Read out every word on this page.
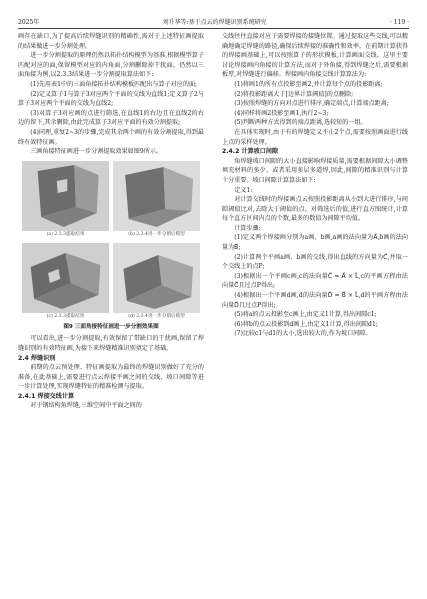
2025年	刘升华等:基于点云的焊缝识别系统研究	· 119 ·

画存在缺口,为了提高后续焊缝识别的精确性,需对于上述特征画提取的结果做进一步分割处理。

进一步分割提取的原理仍然以拓扑结构模型为基准,根据模型算子匹配对应的面,保留模型对应的内角面,分割删除掉干扰面。仍然以三面角接为例,以2.3.3结果进一步分割提取算法如下:

(1)先用表1中的三面角接拓扑结构模板匹配出与算子对应的面;

(2)定义算子1与算子3对应两个平面的交线为直线1;定义算子2与算子3对应两个平面的交线为直线2;

(3)对算子3对应画的点进行筛选,在直线1的右边且在直线2的右边的留下,其余删除,由此完成算子3对应平面的有效分割提取;

(4)同理,重复2~3的步骤,完成其余两个画的有效分割提取,得到最终有效特征画。

三画角接特征画进一步分割提取效果如图9所示。

(a) 2.3.3提取结果	(b) 2.3.4进一步分割后模型
(c) 2.3.3提取结果	(d) 2.3.4进一步分割后模型
图9 三面角接特征画进一步分割效果图

可以看出,进一步分割提取,有效保留了带缺口的干扰画,保留了焊缝识别的有效特征画,为接下来焊缝精准识别奠定了基础。

2.4 焊缝识别

前期的点云预处理、特征画提取为最终的焊缝识别做好了充分的准备,在此基础上,需要进行点云焊接平画之间的交线、坡口间隙等进一步计算处理,实现焊缝特征的精准检测与提取。

2.4.1 焊接交线计算

对于钢结构角焊缝,三维空间中平面之间的

交线往往直接对应于需要焊接的接缝位置。通过提取这些交线,可以精确地确定焊缝的路径,确保后续焊接的准确性和效率。在前期计算获得的焊接画基础上,可以按照算子的形状模板,计算画面交线。这里主要讨论焊接画内角接的计算方法,而对于外角接,得到焊缝之后,需要根据板厚,对焊缝进行偏移。焊接画内角接交线计算算法为:

(1)将画1的所有点投影至画2,并计算每个点的投影距离;

(2)将投影距离大于[边界计算阈值]的点删除;

(3)按照焊缝的方向对点进行排序,确定端点,计算端点距离;

(4)同样将画2投影至画1,执行2~3;

(5)判断两种方式得到的端点距离,选较短的一组。

在具体实现时,由于有的焊缝定义不止2个点,需要按照画面进行线上点的采样处理。

2.4.2 计算坡口间隙

角焊缝坡口间隙的大小直接影响焊接质量,需要根据间隙大小调整填充材料的多少、或者采用多层多道焊,因此,间隙的精准识别与计算十分重要。坡口间隙计算算法如下:

定义1:

对计算交线时的焊接画点云按照投影距离从小到大进行排序,与间隙阈值比对,去除大于阈值的点。对筛选后的值,进行直方图统计,计算每个直方区间内点的个数,最多的数值为间隙平均值。

计算步骤:

(1)定义两个焊接画分别为a画、b画,a画的法向量为A⃗,b画的法向量为B⃗;

(2)计算两个平画a画、b画的交线,得出直线的方向量为C⃗,并取一个交线上的点P;

(3)根据出一个平画c画,c的法向量C⃗ = A⃗ × L⃗,c的平画方程由法向量C⃗且过点P得出;

(4)根据出一个平画d画,d的法向量D⃗ = B⃗ × L⃗,d的平画方程由法向量D⃗且过点P得出;

(5)将a的点云投影至c画上,由定义1计算,得出间隙c1;

(6)将b的点云投影到d画上,由定义1计算,得出间隙d1;

(7)比较c1与d1的大小,选出较大的,作为坡口间隙。
